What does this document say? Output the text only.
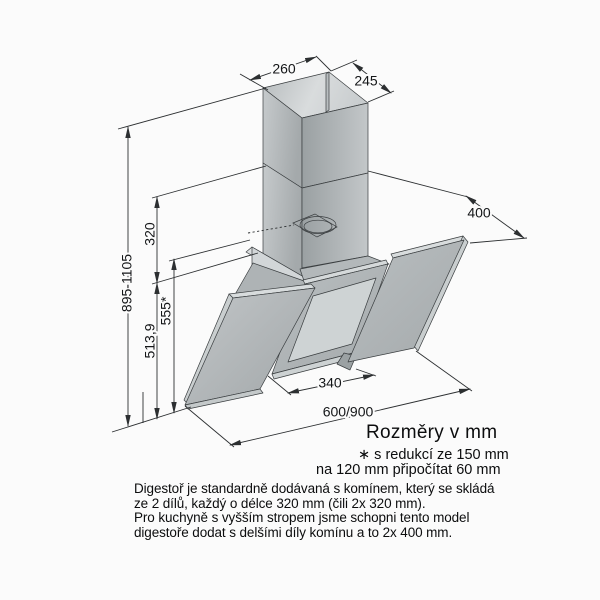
260
245
400
320
895-1105
513,9
555*
340
600/900
Rozměry v mm
∗ s redukcí ze 150 mm
na 120 mm připočítat 60 mm
Digestoř je standardně dodávaná s komínem, který se skládá
ze 2 dílů, každý o délce 320 mm (čili 2x 320 mm).
Pro kuchyně s vyšším stropem jsme schopni tento model
digestoře dodat s delšími díly komínu a to 2x 400 mm.
